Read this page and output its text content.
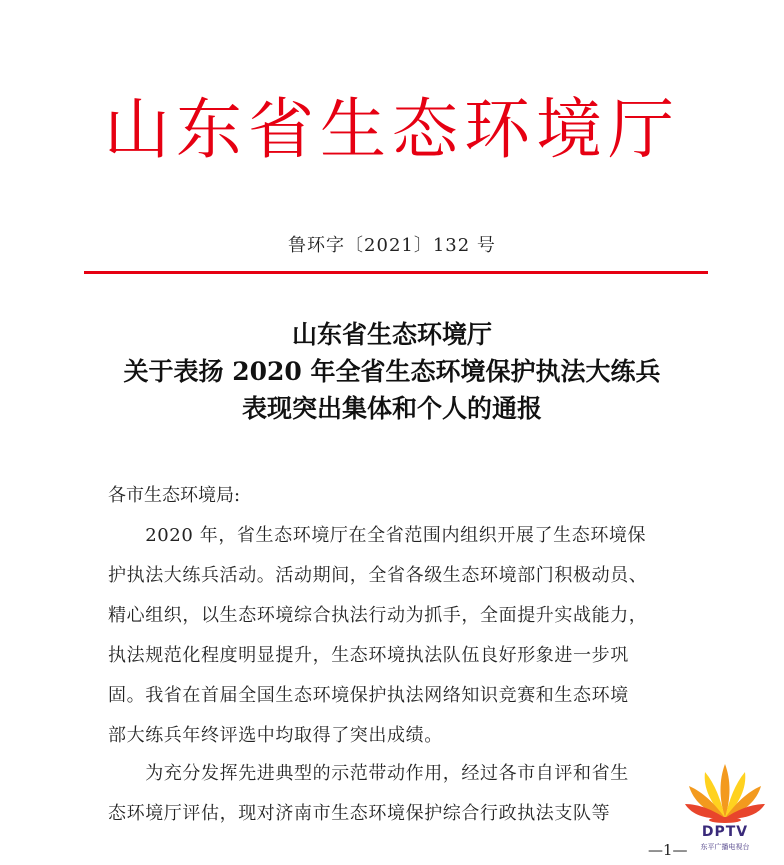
山东省生态环境厅
鲁环字〔2021〕132 号
山东省生态环境厅
关于表扬 2020 年全省生态环境保护执法大练兵
表现突出集体和个人的通报
各市生态环境局:
　　2020 年，省生态环境厅在全省范围内组织开展了生态环境保
护执法大练兵活动。活动期间，全省各级生态环境部门积极动员、
精心组织，以生态环境综合执法行动为抓手，全面提升实战能力，
执法规范化程度明显提升，生态环境执法队伍良好形象进一步巩
固。我省在首届全国生态环境保护执法网络知识竞赛和生态环境
部大练兵年终评选中均取得了突出成绩。
　　为充分发挥先进典型的示范带动作用，经过各市自评和省生
态环境厅评估，现对济南市生态环境保护综合行政执法支队等
—1—
DPTV
东平广播电视台
